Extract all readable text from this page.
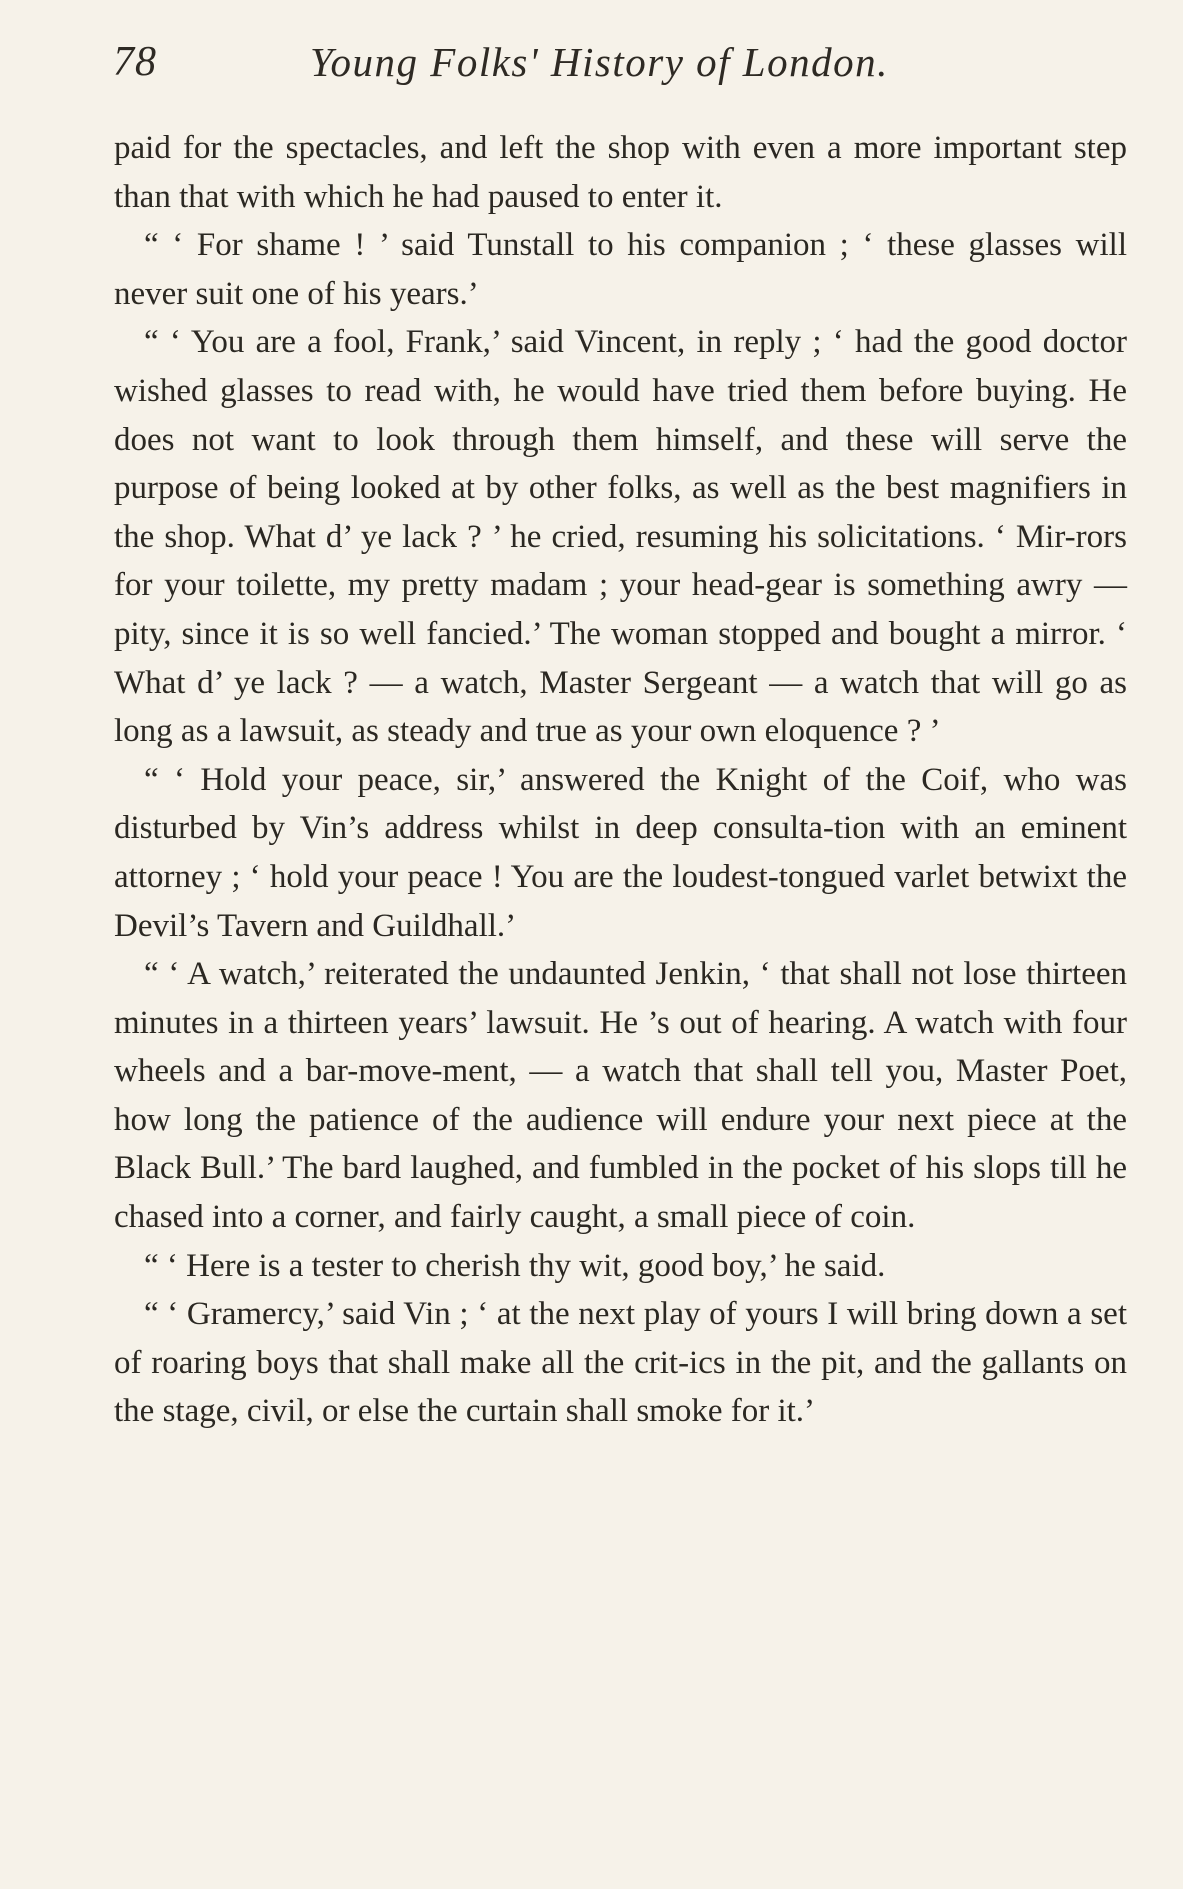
78	Young Folks' History of London.

paid for the spectacles, and left the shop with even a more important step than that with which he had paused to enter it.

“ ‘ For shame ! ’ said Tunstall to his companion ; ‘ these glasses will never suit one of his years.’

“ ‘ You are a fool, Frank,’ said Vincent, in reply ; ‘ had the good doctor wished glasses to read with, he would have tried them before buying. He does not want to look through them himself, and these will serve the purpose of being looked at by other folks, as well as the best magnifiers in the shop. What d’ ye lack ? ’ he cried, resuming his solicitations. ‘ Mir-rors for your toilette, my pretty madam ; your head-gear is something awry — pity, since it is so well fancied.’ The woman stopped and bought a mirror. ‘ What d’ ye lack ? — a watch, Master Sergeant — a watch that will go as long as a lawsuit, as steady and true as your own eloquence ? ’

“ ‘ Hold your peace, sir,’ answered the Knight of the Coif, who was disturbed by Vin’s address whilst in deep consulta-tion with an eminent attorney ; ‘ hold your peace ! You are the loudest-tongued varlet betwixt the Devil’s Tavern and Guildhall.’

“ ‘ A watch,’ reiterated the undaunted Jenkin, ‘ that shall not lose thirteen minutes in a thirteen years’ lawsuit. He ’s out of hearing. A watch with four wheels and a bar-move-ment, — a watch that shall tell you, Master Poet, how long the patience of the audience will endure your next piece at the Black Bull.’ The bard laughed, and fumbled in the pocket of his slops till he chased into a corner, and fairly caught, a small piece of coin.

“ ‘ Here is a tester to cherish thy wit, good boy,’ he said.

“ ‘ Gramercy,’ said Vin ; ‘ at the next play of yours I will bring down a set of roaring boys that shall make all the crit-ics in the pit, and the gallants on the stage, civil, or else the curtain shall smoke for it.’
